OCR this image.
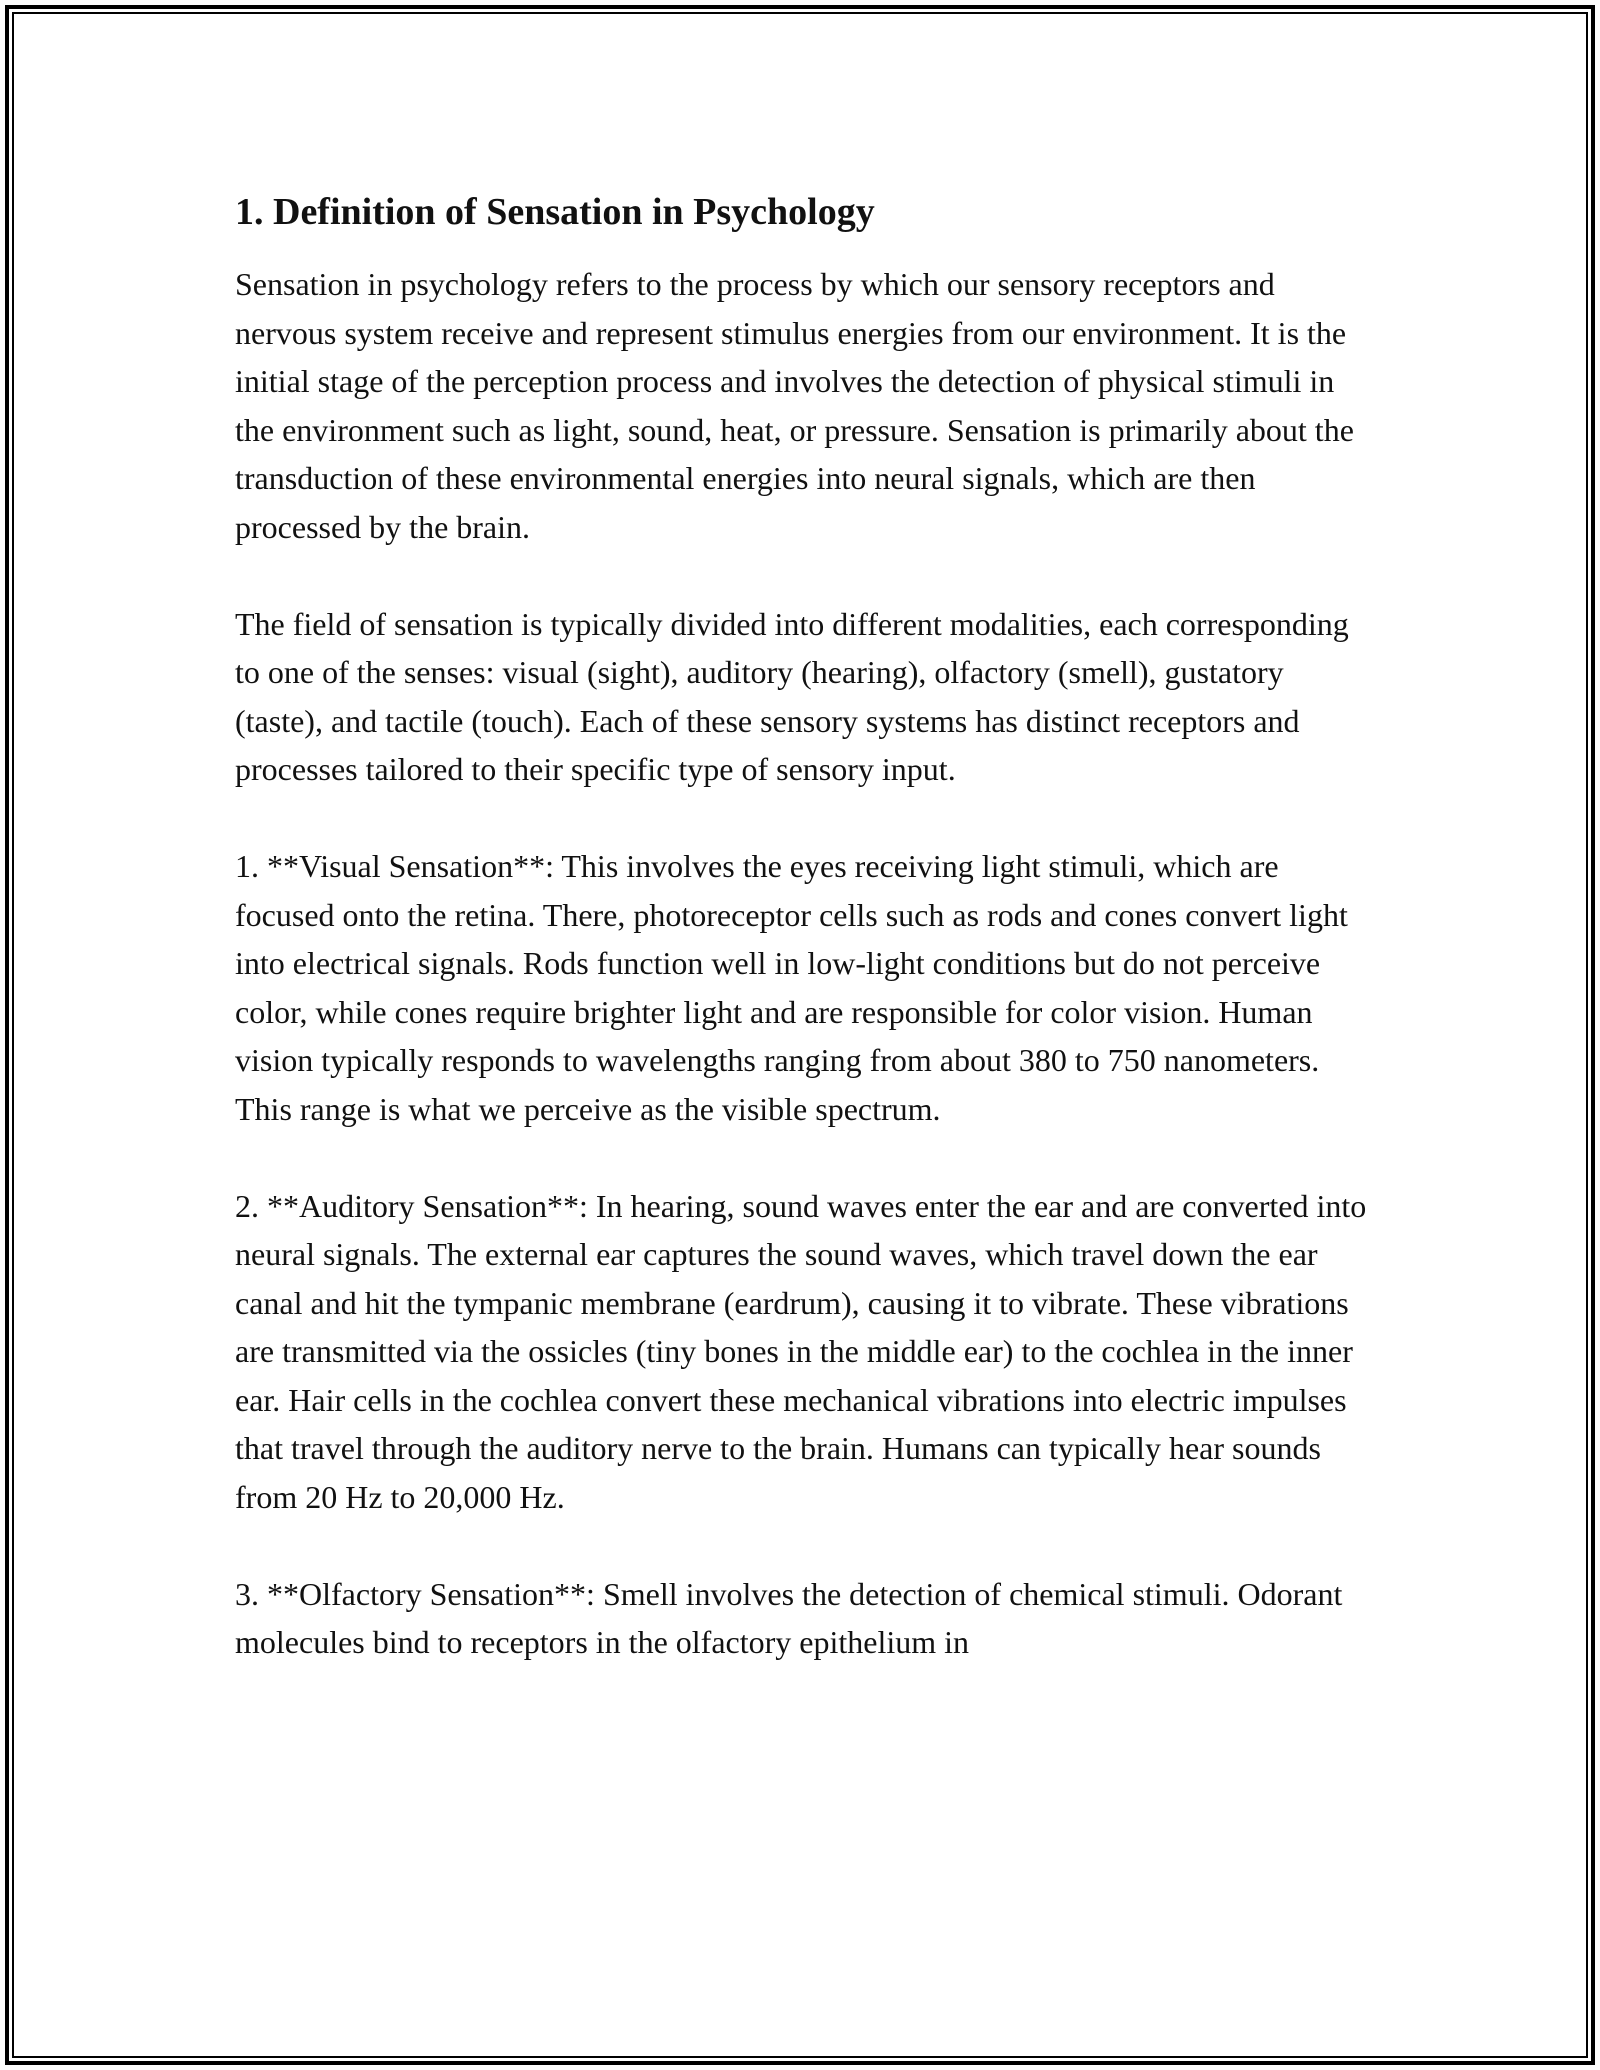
1. Definition of Sensation in Psychology

Sensation in psychology refers to the process by which our sensory receptors and nervous system receive and represent stimulus energies from our environment. It is the initial stage of the perception process and involves the detection of physical stimuli in the environment such as light, sound, heat, or pressure. Sensation is primarily about the transduction of these environmental energies into neural signals, which are then processed by the brain.

The field of sensation is typically divided into different modalities, each corresponding to one of the senses: visual (sight), auditory (hearing), olfactory (smell), gustatory (taste), and tactile (touch). Each of these sensory systems has distinct receptors and processes tailored to their specific type of sensory input.

1. **Visual Sensation**: This involves the eyes receiving light stimuli, which are focused onto the retina. There, photoreceptor cells such as rods and cones convert light into electrical signals. Rods function well in low-light conditions but do not perceive color, while cones require brighter light and are responsible for color vision. Human vision typically responds to wavelengths ranging from about 380 to 750 nanometers. This range is what we perceive as the visible spectrum.

2. **Auditory Sensation**: In hearing, sound waves enter the ear and are converted into neural signals. The external ear captures the sound waves, which travel down the ear canal and hit the tympanic membrane (eardrum), causing it to vibrate. These vibrations are transmitted via the ossicles (tiny bones in the middle ear) to the cochlea in the inner ear. Hair cells in the cochlea convert these mechanical vibrations into electric impulses that travel through the auditory nerve to the brain. Humans can typically hear sounds from 20 Hz to 20,000 Hz.

3. **Olfactory Sensation**: Smell involves the detection of chemical stimuli. Odorant molecules bind to receptors in the olfactory epithelium in
